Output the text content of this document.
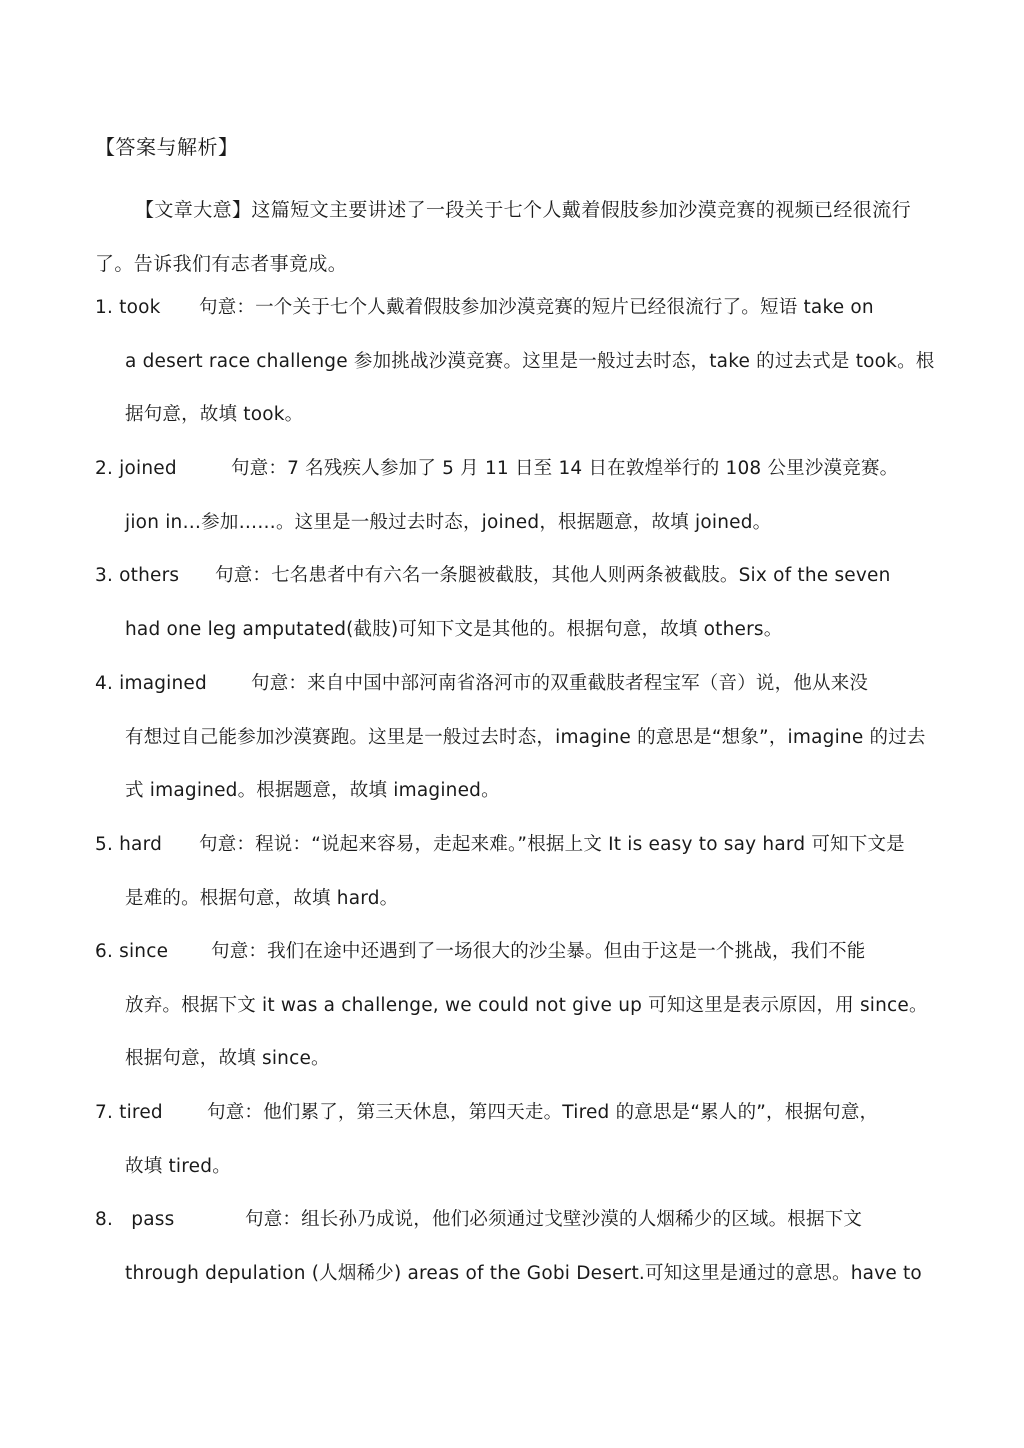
【答案与解析】
【文章大意】这篇短文主要讲述了一段关于七个人戴着假肢参加沙漠竞赛的视频已经很流行了。告诉我们有志者事竟成。
1. took 句意：一个关于七个人戴着假肢参加沙漠竞赛的短片已经很流行了。短语 take on
a desert race challenge 参加挑战沙漠竞赛。这里是一般过去时态，take 的过去式是 took。根据句意，故填 took。
2. joined	句意：7 名残疾人参加了 5 月 11 日至 14 日在敦煌举行的 108 公里沙漠竞赛。
jion in…参加……。这里是一般过去时态，joined，根据题意，故填 joined。
3. others 句意：七名患者中有六名一条腿被截肢，其他人则两条被截肢。Six of the seven
had one leg amputated(截肢)可知下文是其他的。根据句意，故填 others。
4. imagined 句意：来自中国中部河南省洛河市的双重截肢者程宝军（音）说，他从来没
有想过自己能参加沙漠赛跑。这里是一般过去时态，imagine 的意思是“想象”，imagine 的过去式 imagined。根据题意，故填 imagined。
5. hard 句意：程说：“说起来容易，走起来难。”根据上文 It is easy to say hard 可知下文是
是难的。根据句意，故填 hard。
6. since 句意：我们在途中还遇到了一场很大的沙尘暴。但由于这是一个挑战，我们不能
放弃。根据下文 it was a challenge, we could not give up 可知这里是表示原因，用 since。根据句意，故填 since。
7. tired 句意：他们累了，第三天休息，第四天走。Tired 的意思是“累人的”，根据句意，
故填 tired。
8.   pass	句意：组长孙乃成说，他们必须通过戈壁沙漠的人烟稀少的区域。根据下文
through depulation (人烟稀少) areas of the Gobi Desert.可知这里是通过的意思。have to
